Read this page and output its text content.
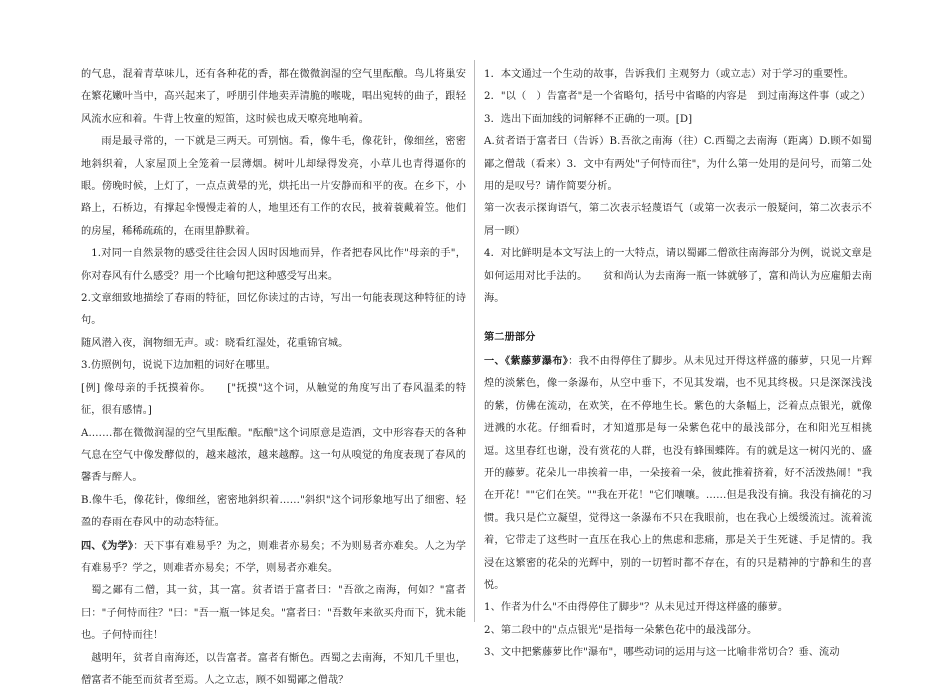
的气息，混着青草味儿，还有各种花的香，都在微微润湿的空气里酝酿。鸟儿将巢安在繁花嫩叶当中，高兴起来了，呼朋引伴地卖弄清脆的喉咙，唱出宛转的曲子，跟轻风流水应和着。牛背上牧童的短笛，这时候也成天嘹亮地响着。

雨是最寻常的，一下就是三两天。可别恼。看，像牛毛，像花针，像细丝，密密地斜织着，人家屋顶上全笼着一层薄烟。树叶儿却绿得发亮，小草儿也青得逼你的眼。傍晚时候，上灯了，一点点黄晕的光，烘托出一片安静而和平的夜。在乡下，小路上，石桥边，有撑起伞慢慢走着的人，地里还有工作的农民，披着蓑戴着笠。他们的房屋，稀稀疏疏的，在雨里静默着。

1.对同一自然景物的感受往往会因人因时因地而异，作者把春风比作"母亲的手"，你对春风有什么感受？用一个比喻句把这种感受写出来。

2.文章细致地描绘了春雨的特征，回忆你读过的古诗，写出一句能表现这种特征的诗句。

随风潜入夜，润物细无声。或：晓看红湿处，花重锦官城。

3.仿照例句，说说下边加粗的词好在哪里。

[例] 像母亲的手抚摸着你。　　["抚摸"这个词，从触觉的角度写出了春风温柔的特征，很有感情。]

A.……都在微微润湿的空气里酝酿。"酝酿"这个词原意是造酒，文中形容春天的各种气息在空气中像发酵似的，越来越浓，越来越醇。这一句从嗅觉的角度表现了春风的馨香与醉人。

B.像牛毛，像花针，像细丝，密密地斜织着……"斜织"这个词形象地写出了细密、轻盈的春雨在春风中的动态特征。

四、《为学》：天下事有难易乎？为之，则难者亦易矣；不为则易者亦难矣。人之为学有难易乎？学之，则难者亦易矣；不学，则易者亦难矣。

蜀之鄙有二僧，其一贫，其一富。贫者语于富者曰："吾欲之南海，何如？"富者曰："子何恃而往？"曰："吾一瓶一钵足矣。"富者曰："吾数年来欲买舟而下，犹未能也。子何恃而往！

越明年，贫者自南海还，以告富者。富者有惭色。西蜀之去南海，不知几千里也，僧富者不能至而贫者至焉。人之立志，顾不如蜀鄙之僧哉？

1．本文通过一个生动的故事，告诉我们 主观努力（或立志）对于学习的重要性。

2．"以（　）告富者"是一个省略句，括号中省略的内容是　到过南海这件事（或之）

3．选出下面加线的词解释不正确的一项。[D]

A.贫者语于富者曰（告诉）B.吾欲之南海（往）C.西蜀之去南海（距离）D.顾不如蜀鄙之僧哉（看来）3．文中有两处"子何恃而往"，为什么第一处用的是问号，而第二处用的是叹号？请作简要分析。

第一次表示探询语气，第二次表示轻蔑语气（或第一次表示一般疑问，第二次表示不屑一顾）

4．对比鲜明是本文写法上的一大特点，请以蜀鄙二僧欲往南海部分为例，说说文章是如何运用对比手法的。　　贫和尚认为去南海一瓶一钵就够了，富和尚认为应雇船去南海。

第二册部分

一、《紫藤萝瀑布》：我不由得停住了脚步。从未见过开得这样盛的藤萝，只见一片辉煌的淡紫色，像一条瀑布，从空中垂下，不见其发端，也不见其终极。只是深深浅浅的紫，仿佛在流动，在欢笑，在不停地生长。紫色的大条幅上，泛着点点银光，就像迸溅的水花。仔细看时，才知道那是每一朵紫色花中的最浅部分，在和阳光互相挑逗。这里春红也谢，没有赏花的人群，也没有蜂围蝶阵。有的就是这一树闪光的、盛开的藤萝。花朵儿一串挨着一串，一朵接着一朵，彼此推着挤着，好不活泼热闹！"我在开花！""它们在笑。""我在开花！"它们嚷嚷。……但是我没有摘。我没有摘花的习惯。我只是伫立凝望，觉得这一条瀑布不只在我眼前，也在我心上缓缓流过。流着流着，它带走了这些时一直压在我心上的焦虑和悲痛，那是关于生死谜、手足情的。我浸在这繁密的花朵的光辉中，别的一切暂时都不存在，有的只是精神的宁静和生的喜悦。

1、作者为什么"不由得停住了脚步"？从未见过开得这样盛的藤萝。

2、第二段中的"点点银光"是指每一朵紫色花中的最浅部分。

3、文中把紫藤萝比作"瀑布"，哪些动词的运用与这一比喻非常切合？垂、流动
